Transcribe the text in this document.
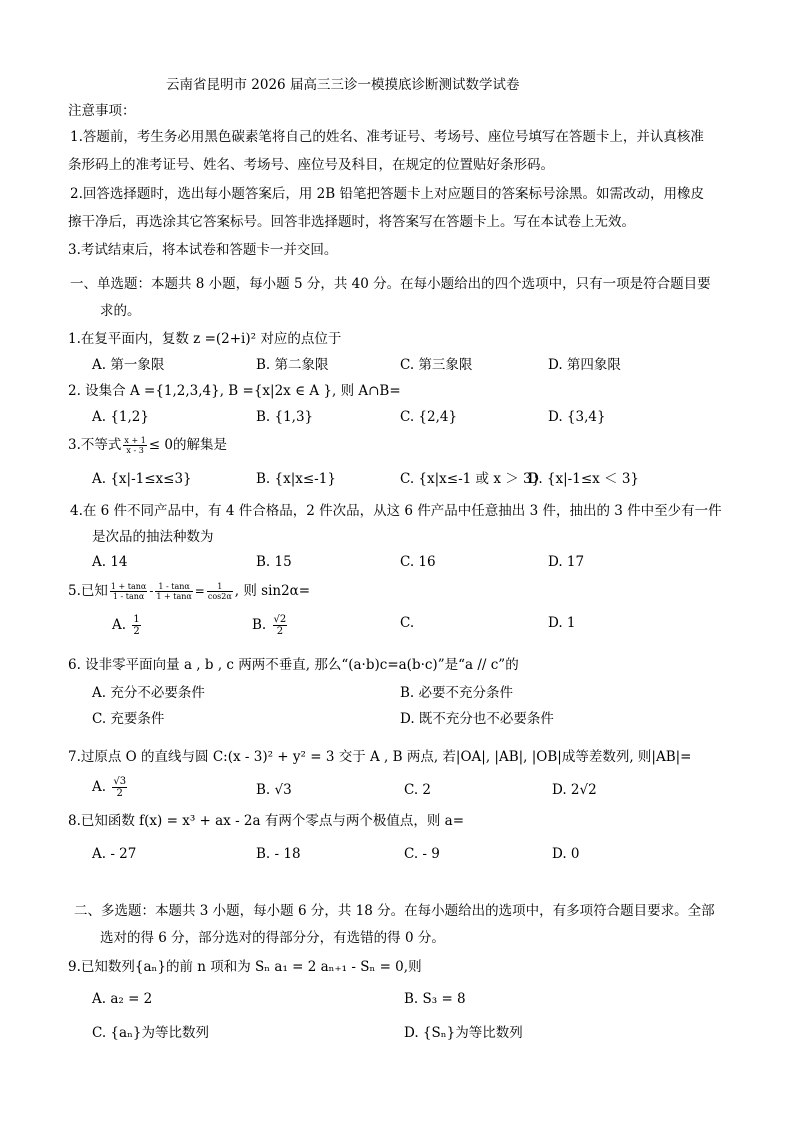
云南省昆明市 2026 届高三三诊一模摸底诊断测试数学试卷
注意事项：
1.答题前，考生务必用黑色碳素笔将自己的姓名、准考证号、考场号、座位号填写在答题卡上，并认真核准
条形码上的准考证号、姓名、考场号、座位号及科目，在规定的位置贴好条形码。
2.回答选择题时，选出每小题答案后，用 2B 铅笔把答题卡上对应题目的答案标号涂黑。如需改动，用橡皮
擦干净后，再选涂其它答案标号。回答非选择题时，将答案写在答题卡上。写在本试卷上无效。
3.考试结束后，将本试卷和答题卡一并交回。
一、单选题：本题共 8 小题，每小题 5 分，共 40 分。在每小题给出的四个选项中，只有一项是符合题目要
求的。
1.在复平面内，复数 z =(2+i)² 对应的点位于
A. 第一象限	B. 第二象限	C. 第三象限	D. 第四象限
2. 设集合 A ={1,2,3,4}, B ={x|2x ∈ A }, 则 A∩B=
A. {1,2}	B. {1,3}	C. {2,4}	D. {3,4}
3.不等式 $\frac{x + 1}{x - 3} \le 0$的解集是
A. {x|-1≤x≤3}	B. {x|x≤-1}	C. {x|x≤-1 或 x ＞ 3}
D. {x|-1≤x ＜ 3}
4.在 6 件不同产品中，有 4 件合格品，2 件次品，从这 6 件产品中任意抽出 3 件，抽出的 3 件中至少有一件
是次品的抽法种数为
A. 14	B. 15	C. 16	D. 17
5.已知 $\frac{1 + \tan\alpha}{1 - \tan\alpha} - \frac{1 - \tan\alpha}{1 + \tan\alpha} = \frac{1}{\cos 2\alpha}$ , 则 sin2α=
A. $\frac{1}{2}$	B. $\frac{√2}{2}$	C.	D. 1
6. 设非零平面向量 a , b , c 两两不垂直, 那么“(a·b)c=a(b·c)”是“a // c”的
A. 充分不必要条件	B. 必要不充分条件
C. 充要条件	D. 既不充分也不必要条件
7.过原点 O 的直线与圆 C:(x - 3)² + y² = 3 交于 A , B 两点, 若|OA|, |AB|, |OB|成等差数列, 则|AB|=
A. $\frac{√3}{2}$	B. √3	C. 2	D. 2√2
8.已知函数 f(x) = x³ + ax - 2a 有两个零点与两个极值点，则 a=
A. - 27	B. - 18	C. - 9	D. 0
二、多选题：本题共 3 小题，每小题 6 分，共 18 分。在每小题给出的选项中，有多项符合题目要求。全部
选对的得 6 分，部分选对的得部分分，有选错的得 0 分。
9.已知数列{aₙ}的前 n 项和为 Sₙ a₁ = 2 aₙ₊₁ - Sₙ = 0,则
A. a₂ = 2	B. S₃ = 8
C. {aₙ}为等比数列	D. {Sₙ}为等比数列
